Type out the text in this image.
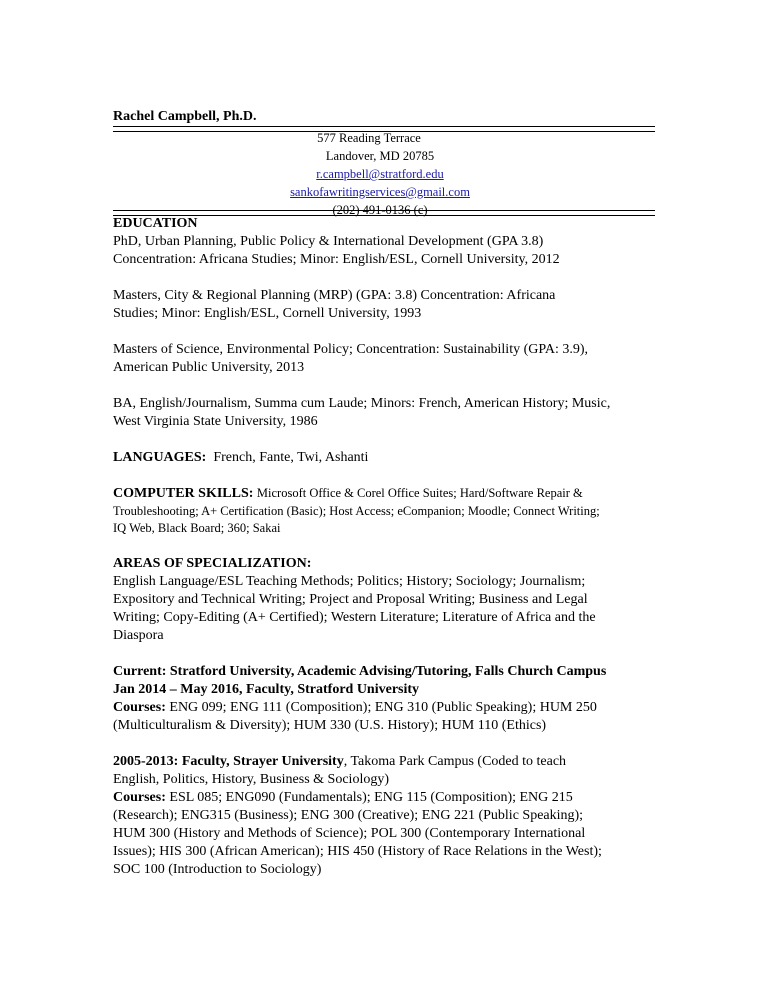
Rachel Campbell, Ph.D.
577 Reading Terrace
Landover, MD 20785
r.campbell@stratford.edu
sankofawritingservices@gmail.com
(202) 491-0136 (c)

EDUCATION

PhD, Urban Planning, Public Policy & International Development (GPA 3.8)

Concentration: Africana Studies; Minor: English/ESL, Cornell University, 2012

Masters, City & Regional Planning (MRP) (GPA: 3.8) Concentration: Africana

Studies; Minor: English/ESL, Cornell University, 1993

Masters of Science, Environmental Policy; Concentration: Sustainability (GPA: 3.9),

American Public University, 2013

BA, English/Journalism, Summa cum Laude; Minors: French, American History; Music,

West Virginia State University, 1986

LANGUAGES: French, Fante, Twi, Ashanti

COMPUTER SKILLS: Microsoft Office & Corel Office Suites; Hard/Software Repair &

Troubleshooting; A+ Certification (Basic); Host Access; eCompanion; Moodle; Connect Writing;

IQ Web, Black Board; 360; Sakai

AREAS OF SPECIALIZATION:

English Language/ESL Teaching Methods; Politics; History; Sociology; Journalism;

Expository and Technical Writing; Project and Proposal Writing; Business and Legal

Writing; Copy-Editing (A+ Certified); Western Literature; Literature of Africa and the

Diaspora

Current: Stratford University, Academic Advising/Tutoring, Falls Church Campus

Jan 2014 – May 2016, Faculty, Stratford University

Courses: ENG 099; ENG 111 (Composition); ENG 310 (Public Speaking); HUM 250

(Multiculturalism & Diversity); HUM 330 (U.S. History); HUM 110 (Ethics)

2005-2013: Faculty, Strayer University, Takoma Park Campus (Coded to teach

English, Politics, History, Business & Sociology)

Courses: ESL 085; ENG090 (Fundamentals); ENG 115 (Composition); ENG 215

(Research); ENG315 (Business); ENG 300 (Creative); ENG 221 (Public Speaking);

HUM 300 (History and Methods of Science); POL 300 (Contemporary International

Issues); HIS 300 (African American); HIS 450 (History of Race Relations in the West);

SOC 100 (Introduction to Sociology)
